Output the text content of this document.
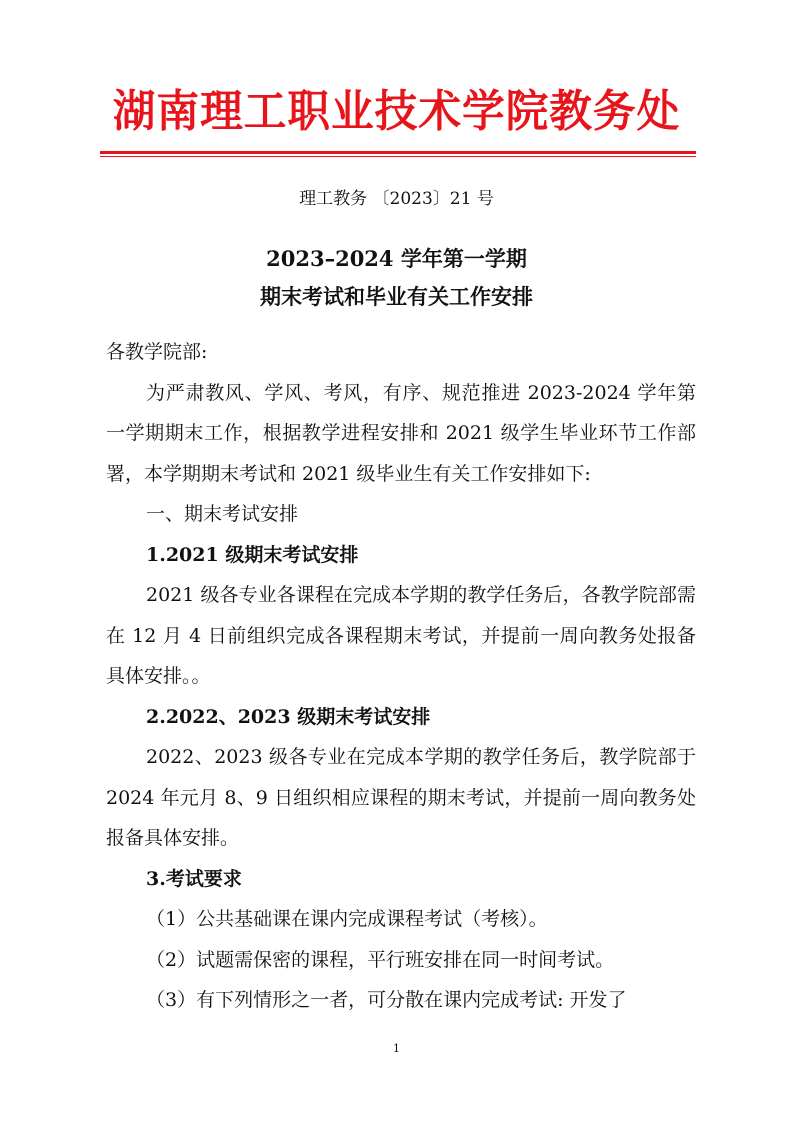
湖南理工职业技术学院教务处
理工教务 〔2023〕21 号
2023–2024 学年第一学期
期末考试和毕业有关工作安排

各教学院部:

为严肃教风、学风、考风，有序、规范推进 2023-2024 学年第一学期期末工作，根据教学进程安排和 2021 级学生毕业环节工作部署，本学期期末考试和 2021 级毕业生有关工作安排如下:

一、期末考试安排

1.2021 级期末考试安排

2021 级各专业各课程在完成本学期的教学任务后，各教学院部需在 12 月 4 日前组织完成各课程期末考试，并提前一周向教务处报备具体安排。。

2.2022、2023 级期末考试安排

2022、2023 级各专业在完成本学期的教学任务后，教学院部于 2024 年元月 8、9 日组织相应课程的期末考试，并提前一周向教务处报备具体安排。

3.考试要求

（1）公共基础课在课内完成课程考试（考核）。

（2）试题需保密的课程，平行班安排在同一时间考试。

（3）有下列情形之一者，可分散在课内完成考试: 开发了

1
